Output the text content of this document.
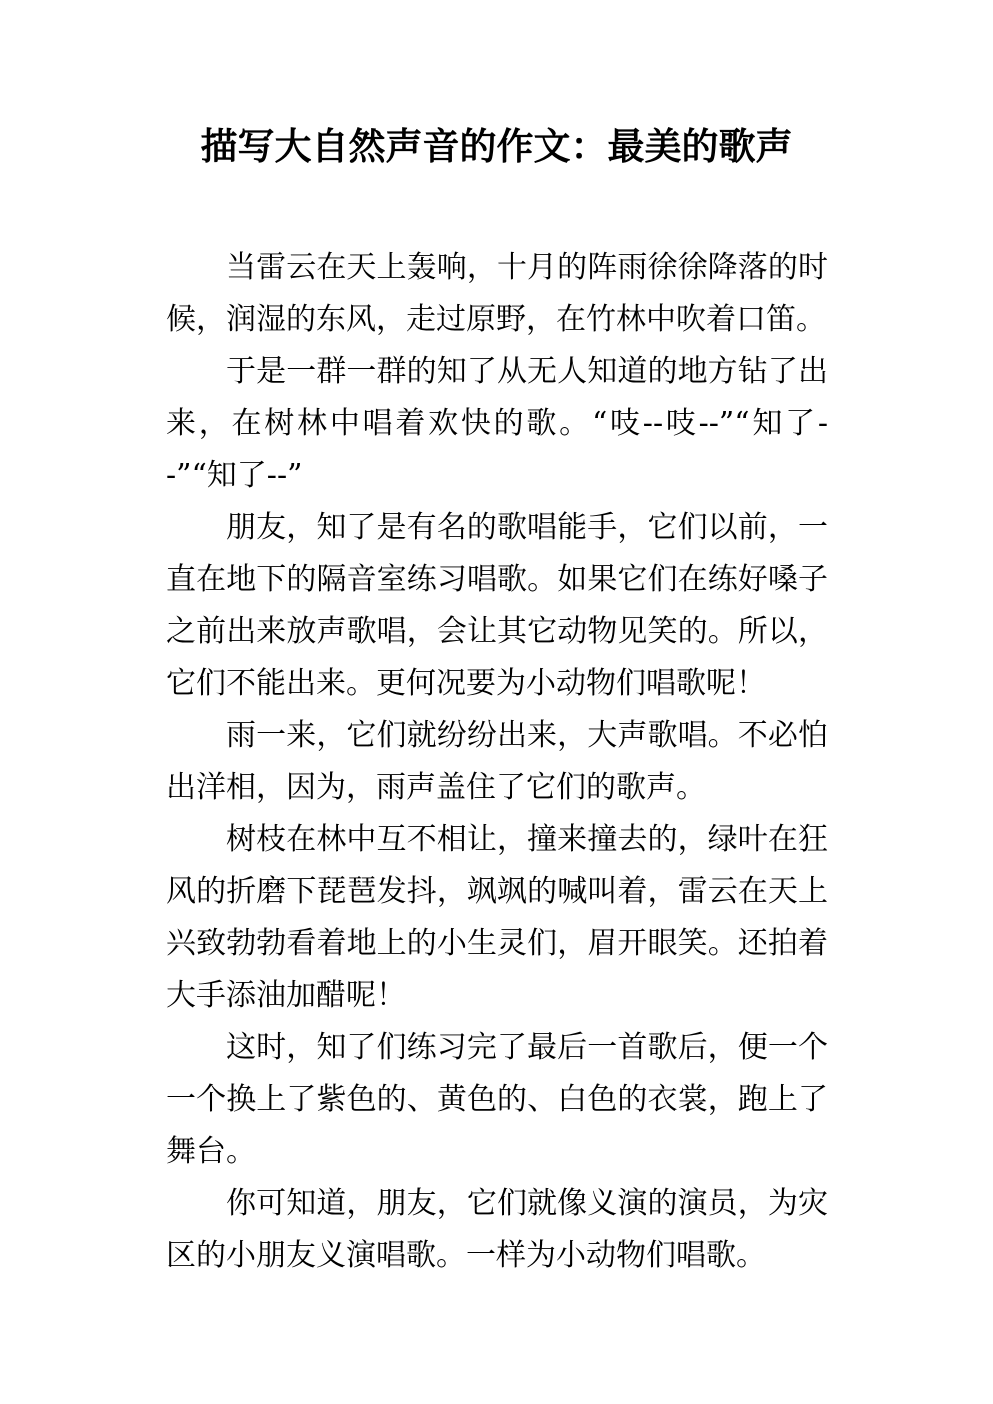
描写大自然声音的作文：最美的歌声

当雷云在天上轰响，十月的阵雨徐徐降落的时候，润湿的东风，走过原野，在竹林中吹着口笛。

于是一群一群的知了从无人知道的地方钻了出来，在树林中唱着欢快的歌。“吱--吱--”“知了--”“知了--”

朋友，知了是有名的歌唱能手，它们以前，一直在地下的隔音室练习唱歌。如果它们在练好嗓子之前出来放声歌唱，会让其它动物见笑的。所以，它们不能出来。更何况要为小动物们唱歌呢！

雨一来，它们就纷纷出来，大声歌唱。不必怕出洋相，因为，雨声盖住了它们的歌声。

树枝在林中互不相让，撞来撞去的，绿叶在狂风的折磨下琵琶发抖，飒飒的喊叫着，雷云在天上兴致勃勃看着地上的小生灵们，眉开眼笑。还拍着大手添油加醋呢！

这时，知了们练习完了最后一首歌后，便一个一个换上了紫色的、黄色的、白色的衣裳，跑上了舞台。

你可知道，朋友，它们就像义演的演员，为灾区的小朋友义演唱歌。一样为小动物们唱歌。
